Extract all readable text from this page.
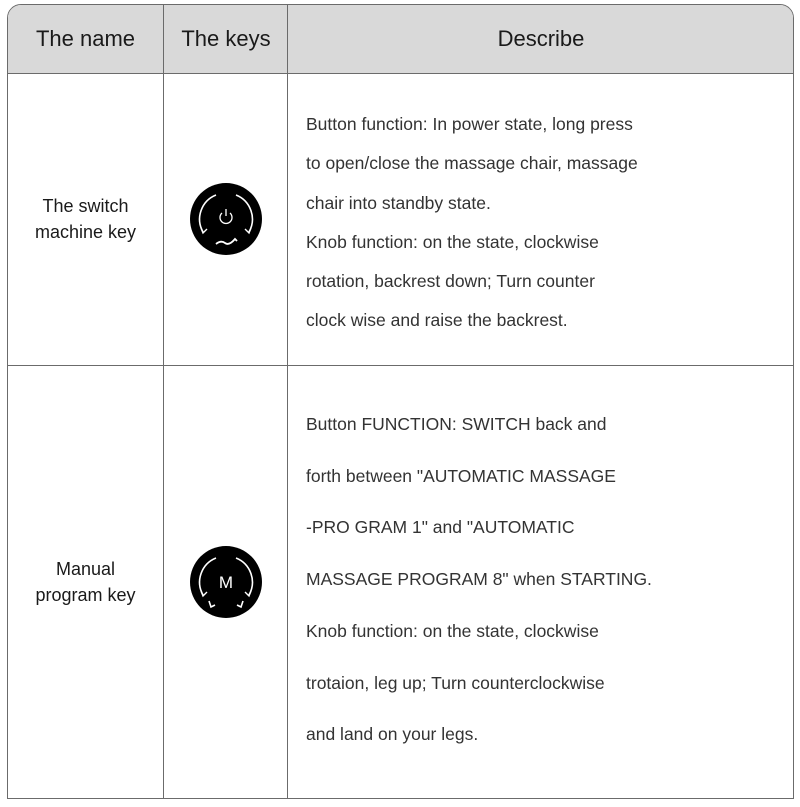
The name	The keys	Describe
The switch
machine key

Button function: In power state, long press

to open/close the massage chair, massage

chair into standby state.

Knob function: on the state, clockwise

rotation, backrest down; Turn counter

clock wise and raise the backrest.

Manual
program key
M

Button FUNCTION: SWITCH back and

forth between "AUTOMATIC MASSAGE

-PRO GRAM 1" and "AUTOMATIC

MASSAGE PROGRAM 8" when STARTING.

Knob function: on the state, clockwise

trotaion, leg up; Turn counterclockwise

and land on your legs.
